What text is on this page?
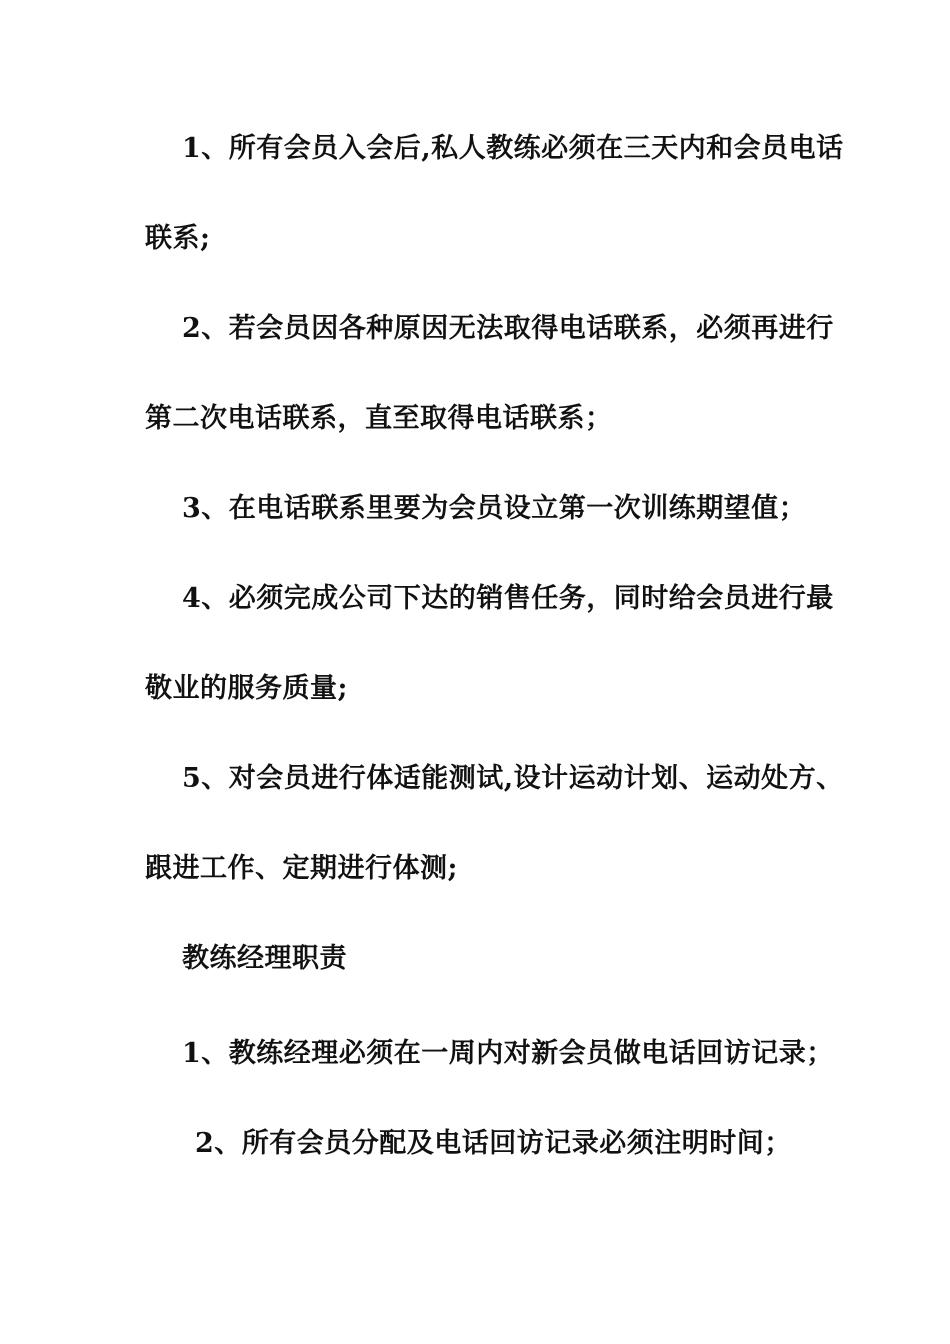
1、所有会员入会后,私人教练必须在三天内和会员电话
联系;
2、若会员因各种原因无法取得电话联系，必须再进行
第二次电话联系，直至取得电话联系；
3、在电话联系里要为会员设立第一次训练期望值；
4、必须完成公司下达的销售任务，同时给会员进行最
敬业的服务质量;
5、对会员进行体适能测试,设计运动计划、运动处方、
跟进工作、定期进行体测;
教练经理职责
1、教练经理必须在一周内对新会员做电话回访记录；
2、所有会员分配及电话回访记录必须注明时间；
